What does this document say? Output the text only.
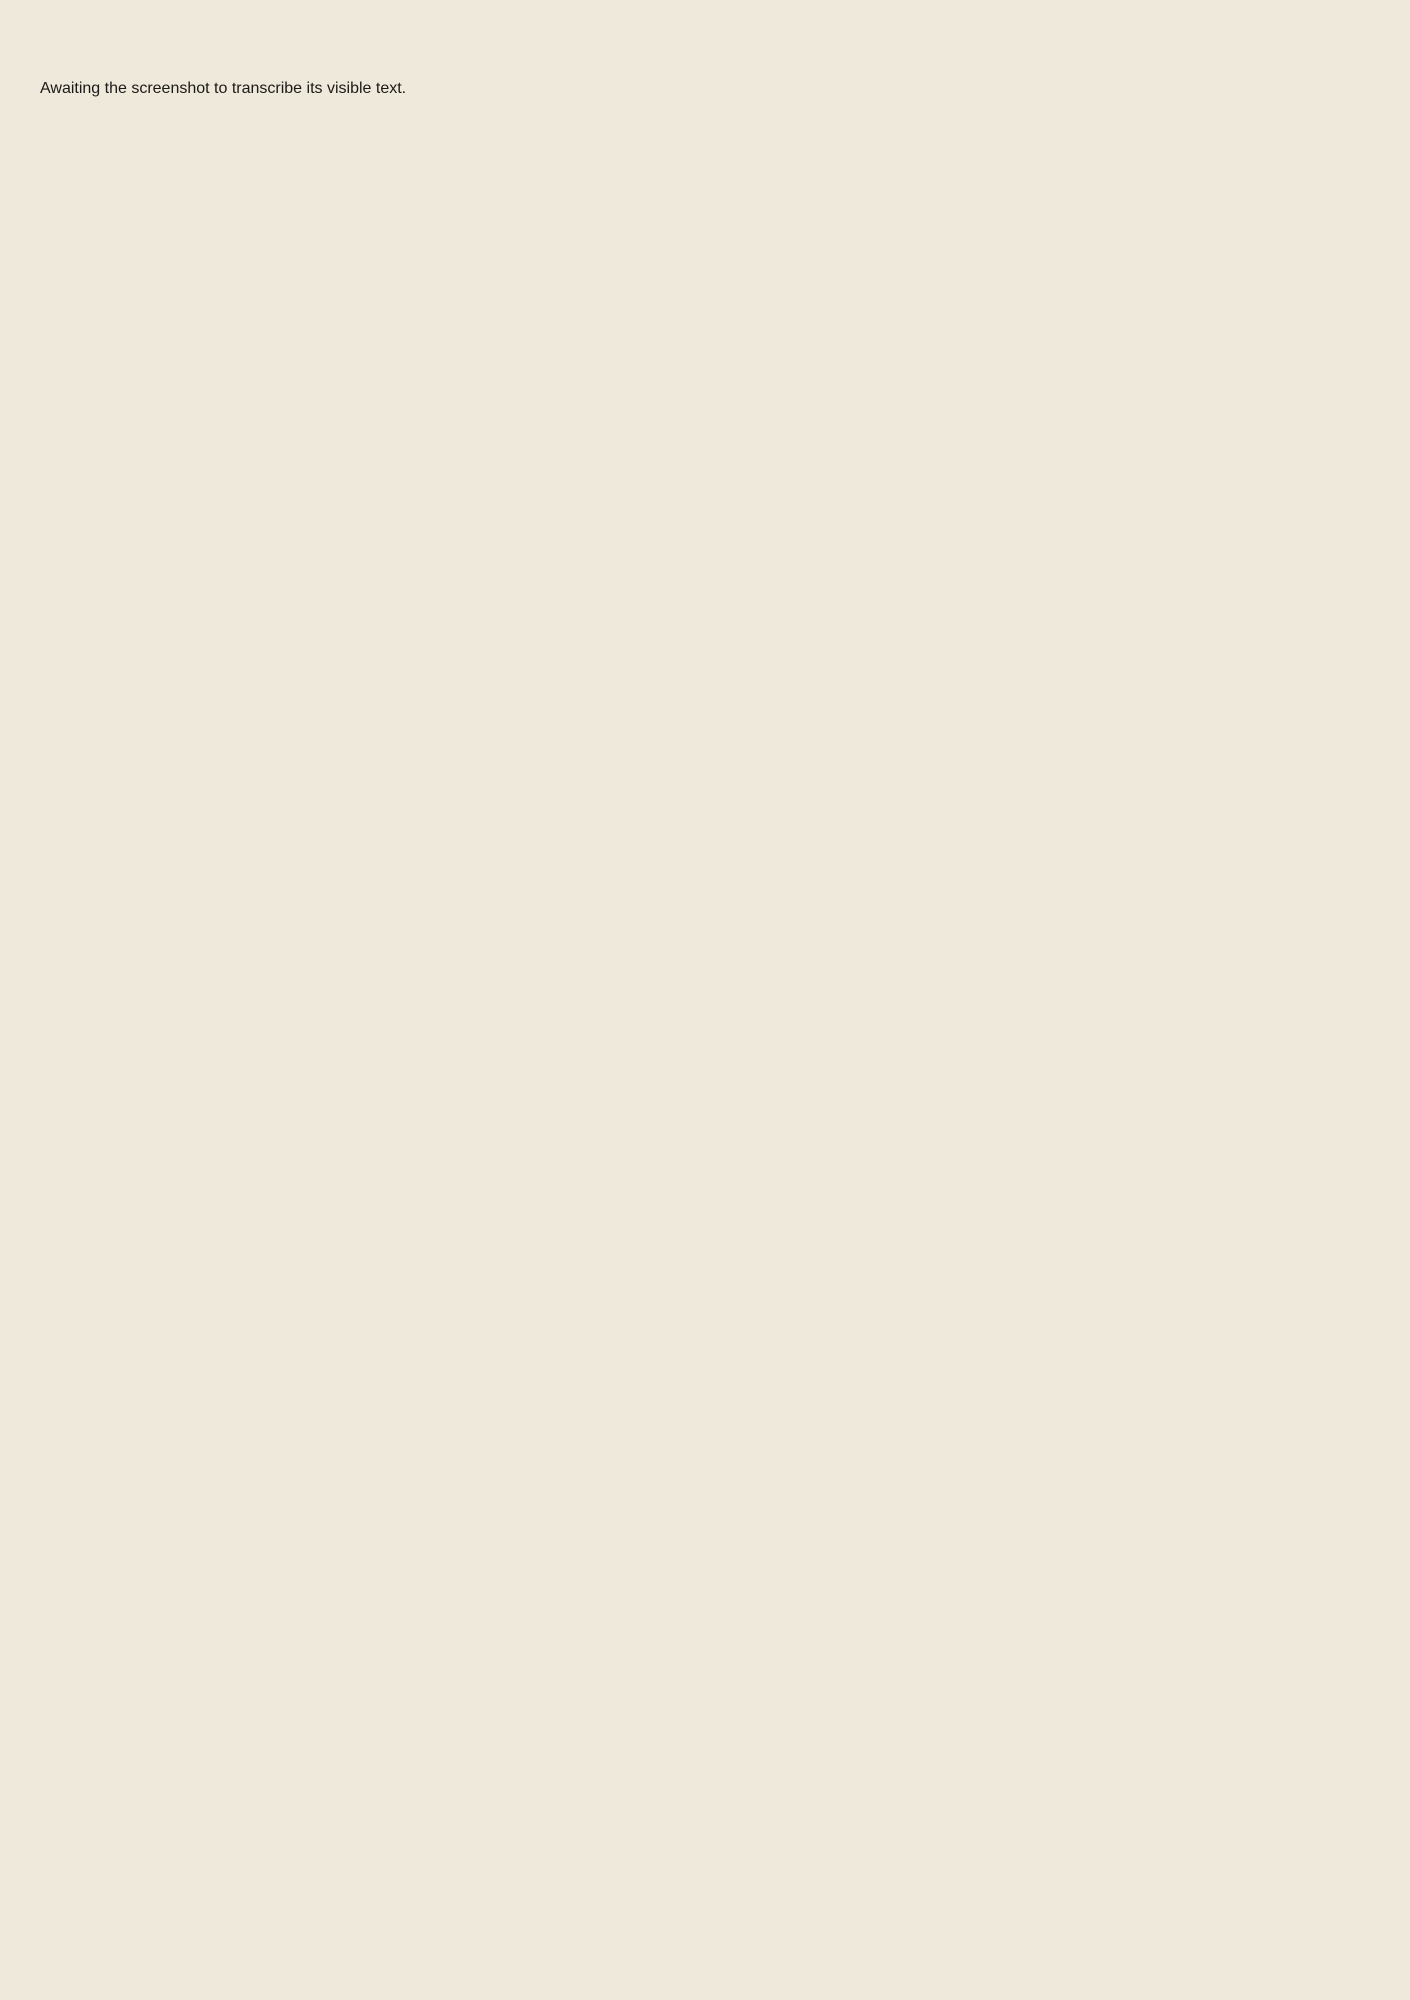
Awaiting the screenshot to transcribe its visible text.
